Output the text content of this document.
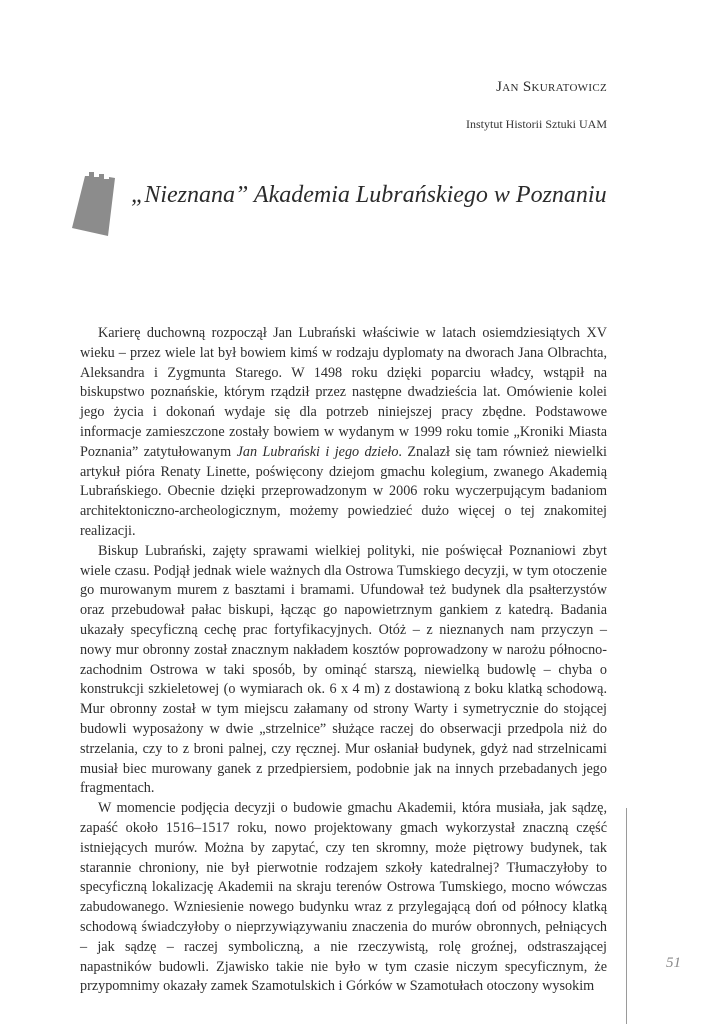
Jan Skuratowicz
Instytut Historii Sztuki UAM
„Nieznana” Akademia Lubrańskiego w Poznaniu

Karierę duchowną rozpoczął Jan Lubrański właściwie w latach osiemdziesiątych XV wieku – przez wiele lat był bowiem kimś w rodzaju dyplomaty na dworach Jana Olbrachta, Aleksandra i Zygmunta Starego. W 1498 roku dzięki poparciu władcy, wstąpił na biskupstwo poznańskie, którym rządził przez następne dwadzieścia lat. Omówienie kolei jego życia i dokonań wydaje się dla potrzeb niniejszej pracy zbędne. Podstawowe informacje zamieszczone zostały bowiem w wydanym w 1999 roku tomie „Kroniki Miasta Poznania” zatytułowanym Jan Lubrański i jego dzieło. Znalazł się tam również niewielki artykuł pióra Renaty Linette, poświęcony dziejom gmachu kolegium, zwanego Akademią Lubrańskiego. Obecnie dzięki przeprowadzonym w 2006 roku wyczerpującym badaniom architektoniczno-archeologicznym, możemy powiedzieć dużo więcej o tej znakomitej realizacji.

Biskup Lubrański, zajęty sprawami wielkiej polityki, nie poświęcał Poznaniowi zbyt wiele czasu. Podjął jednak wiele ważnych dla Ostrowa Tumskiego decyzji, w tym otoczenie go murowanym murem z basztami i bramami. Ufundował też budynek dla psałterzystów oraz przebudował pałac biskupi, łącząc go napowietrznym gankiem z katedrą. Badania ukazały specyficzną cechę prac fortyfikacyjnych. Otóż – z nieznanych nam przyczyn – nowy mur obronny został znacznym nakładem kosztów poprowadzony w narożu północno-zachodnim Ostrowa w taki sposób, by ominąć starszą, niewielką budowlę – chyba o konstrukcji szkieletowej (o wymiarach ok. 6 x 4 m) z dostawioną z boku klatką schodową. Mur obronny został w tym miejscu załamany od strony Warty i symetrycznie do stojącej budowli wyposażony w dwie „strzelnice” służące raczej do obserwacji przedpola niż do strzelania, czy to z broni palnej, czy ręcznej. Mur osłaniał budynek, gdyż nad strzelnicami musiał biec murowany ganek z przedpiersiem, podobnie jak na innych przebadanych jego fragmentach.

W momencie podjęcia decyzji o budowie gmachu Akademii, która musiała, jak sądzę, zapaść około 1516–1517 roku, nowo projektowany gmach wykorzystał znaczną część istniejących murów. Można by zapytać, czy ten skromny, może piętrowy budynek, tak starannie chroniony, nie był pierwotnie rodzajem szkoły katedralnej? Tłumaczyłoby to specyficzną lokalizację Akademii na skraju terenów Ostrowa Tumskiego, mocno wówczas zabudowanego. Wzniesienie nowego budynku wraz z przylegającą doń od północy klatką schodową świadczyłoby o nieprzywiązywaniu znaczenia do murów obronnych, pełniących – jak sądzę – raczej symboliczną, a nie rzeczywistą, rolę groźnej, odstraszającej napastników budowli. Zjawisko takie nie było w tym czasie niczym specyficznym, że przypomnimy okazały zamek Szamotulskich i Górków w Szamotułach otoczony wysokim

51
